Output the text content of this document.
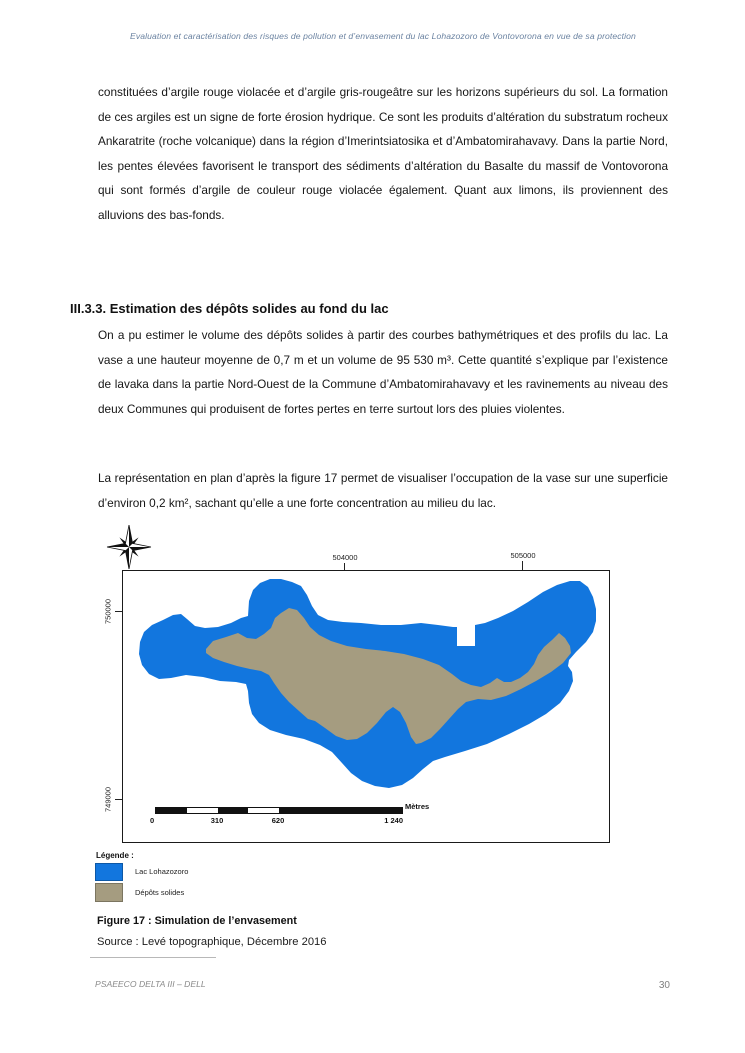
Evaluation et caractérisation des risques de pollution et d’envasement du lac Lohazozoro de Vontovorona en vue de sa protection
constituées d’argile rouge violacée et d’argile gris-rougeâtre sur les horizons supérieurs du sol. La formation de ces argiles est un signe de forte érosion hydrique. Ce sont les produits d’altération du substratum rocheux Ankaratrite (roche volcanique) dans la région d’Imerintsiatosika et d’Ambatomirahavavy. Dans la partie Nord, les pentes élevées favorisent le transport des sédiments d’altération du Basalte du massif de Vontovorona qui sont formés d’argile de couleur rouge violacée également. Quant aux limons, ils proviennent des alluvions des bas-fonds.
III.3.3. Estimation des dépôts solides au fond du lac
On a pu estimer le volume des dépôts solides à partir des courbes bathymétriques et des profils du lac. La vase a une hauteur moyenne de 0,7 m et un volume de 95 530 m³. Cette quantité s’explique par l’existence de lavaka dans la partie Nord-Ouest de la Commune d’Ambatomirahavavy et les ravinements au niveau des deux Communes qui produisent de fortes pertes en terre surtout lors des pluies violentes.
La représentation en plan d’après la figure 17 permet de visualiser l’occupation de la vase sur une superficie d’environ 0,2 km², sachant qu’elle a une forte concentration au milieu du lac.
504000	505000
750000
749000
0	310	620	1 240
Mètres
Légende :
Lac Lohazozoro
Dépôts solides
Figure 17 : Simulation de l’envasement
Source : Levé topographique, Décembre 2016
PSAEECO DELTA III – DELL	30
